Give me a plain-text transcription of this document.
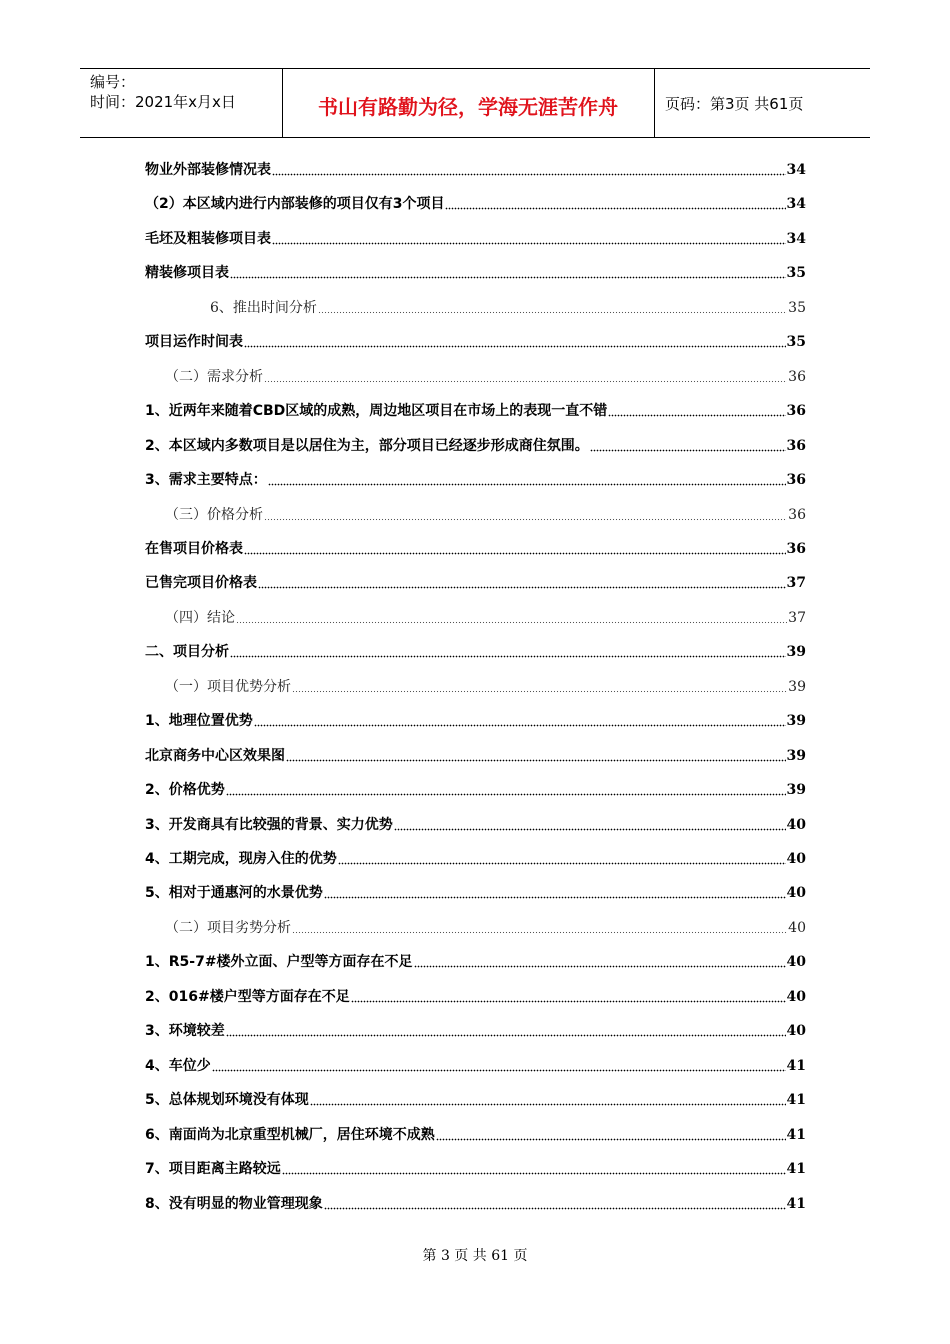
编号：
时间：2021年x月x日	书山有路勤为径，学海无涯苦作舟	页码：第3页 共61页
物业外部装修情况表	34
（2）本区域内进行内部装修的项目仅有3个项目	34
毛坯及粗装修项目表	34
精装修项目表	35
6、推出时间分析	35
项目运作时间表	35
（二）需求分析	36
1、近两年来随着CBD区域的成熟，周边地区项目在市场上的表现一直不错	36
2、本区域内多数项目是以居住为主，部分项目已经逐步形成商住氛围。	36
3、需求主要特点：	36
（三）价格分析	36
在售项目价格表	36
已售完项目价格表	37
（四）结论	37
二、项目分析	39
（一）项目优势分析	39
1、地理位置优势	39
北京商务中心区效果图	39
2、价格优势	39
3、开发商具有比较强的背景、实力优势	40
4、工期完成，现房入住的优势	40
5、相对于通惠河的水景优势	40
（二）项目劣势分析	40
1、R5-7#楼外立面、户型等方面存在不足	40
2、016#楼户型等方面存在不足	40
3、环境较差	40
4、车位少	41
5、总体规划环境没有体现	41
6、南面尚为北京重型机械厂，居住环境不成熟	41
7、项目距离主路较远	41
8、没有明显的物业管理现象	41
第 3 页 共 61 页
